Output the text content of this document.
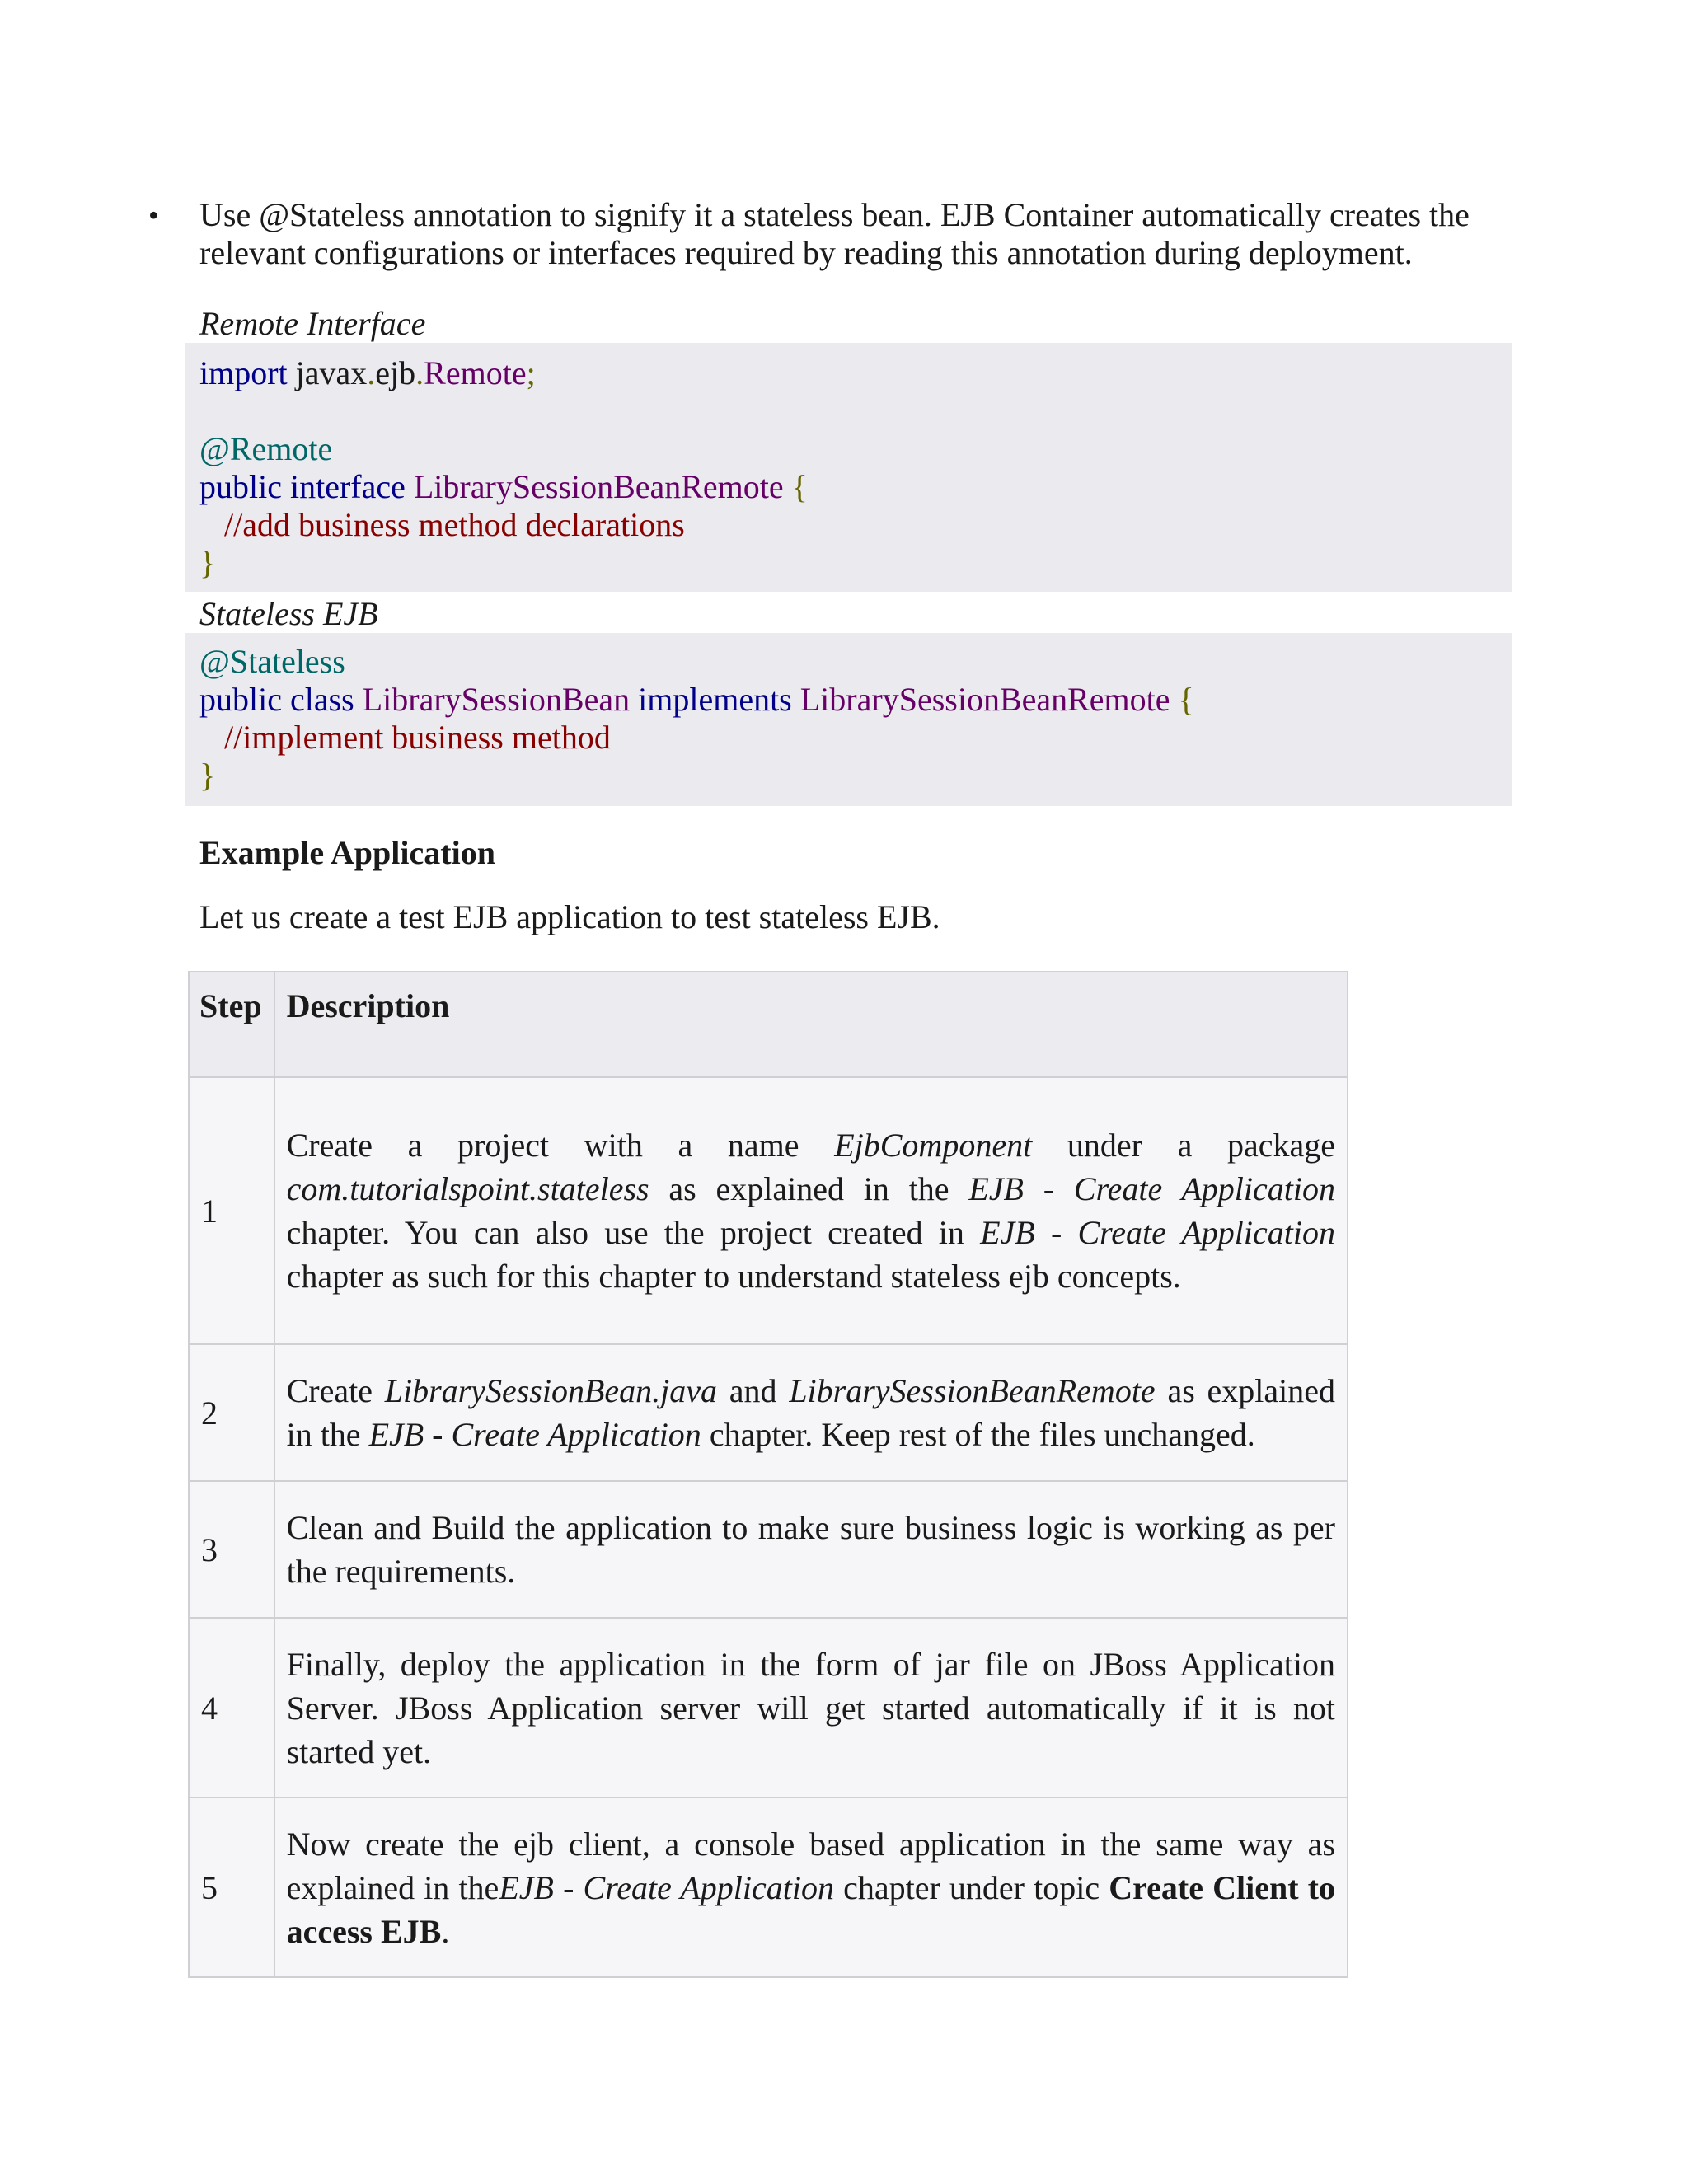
• Use @Stateless annotation to signify it a stateless bean. EJB Container automatically creates the relevant configurations or interfaces required by reading this annotation during deployment.
Remote Interface
import javax.ejb.Remote;
@Remote
public interface LibrarySessionBeanRemote {
//add business method declarations
}
Stateless EJB
@Stateless
public class LibrarySessionBean implements LibrarySessionBeanRemote {
//implement business method
}
Example Application
Let us create a test EJB application to test stateless EJB.
Step	Description
1	Create a project with a name EjbComponent under a package com.tutorialspoint.stateless as explained in the EJB - Create Application chapter. You can also use the project created in EJB - Create Application chapter as such for this chapter to understand stateless ejb concepts.
2	Create LibrarySessionBean.java and LibrarySessionBeanRemote as explained in the EJB - Create Application chapter. Keep rest of the files unchanged.
3	Clean and Build the application to make sure business logic is working as per the requirements.
4	Finally, deploy the application in the form of jar file on JBoss Application Server. JBoss Application server will get started automatically if it is not started yet.
5	Now create the ejb client, a console based application in the same way as explained in theEJB - Create Application chapter under topic Create Client to access EJB.
